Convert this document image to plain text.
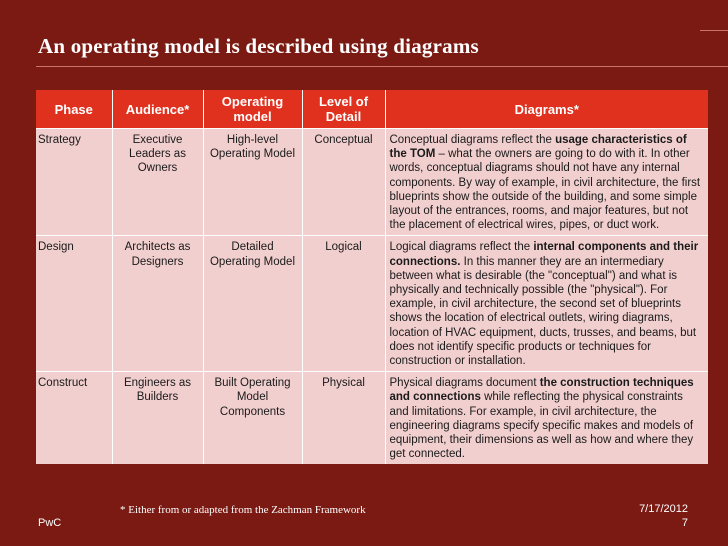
An operating model is described using diagrams
Phase	Audience*	Operating model	Level of Detail	Diagrams*
Strategy	Executive Leaders as Owners	High-level Operating Model	Conceptual	Conceptual diagrams reflect the usage characteristics of the TOM – what the owners are going to do with it. In other words, conceptual diagrams should not have any internal components. By way of example, in civil architecture, the first blueprints show the outside of the building, and some simple layout of the entrances, rooms, and major features, but not the placement of electrical wires, pipes, or duct work.
Design	Architects as Designers	Detailed Operating Model	Logical	Logical diagrams reflect the internal components and their connections. In this manner they are an intermediary between what is desirable (the "conceptual") and what is physically and technically possible (the "physical"). For example, in civil architecture, the second set of blueprints shows the location of electrical outlets, wiring diagrams, location of HVAC equipment, ducts, trusses, and beams, but does not identify specific products or techniques for construction or installation.
Construct	Engineers as Builders	Built Operating Model Components	Physical	Physical diagrams document the construction techniques and connections while reflecting the physical constraints and limitations. For example, in civil architecture, the engineering diagrams specify specific makes and models of equipment, their dimensions as well as how and where they get connected.
* Either from or adapted from the Zachman Framework
PwC
7/17/2012
7
